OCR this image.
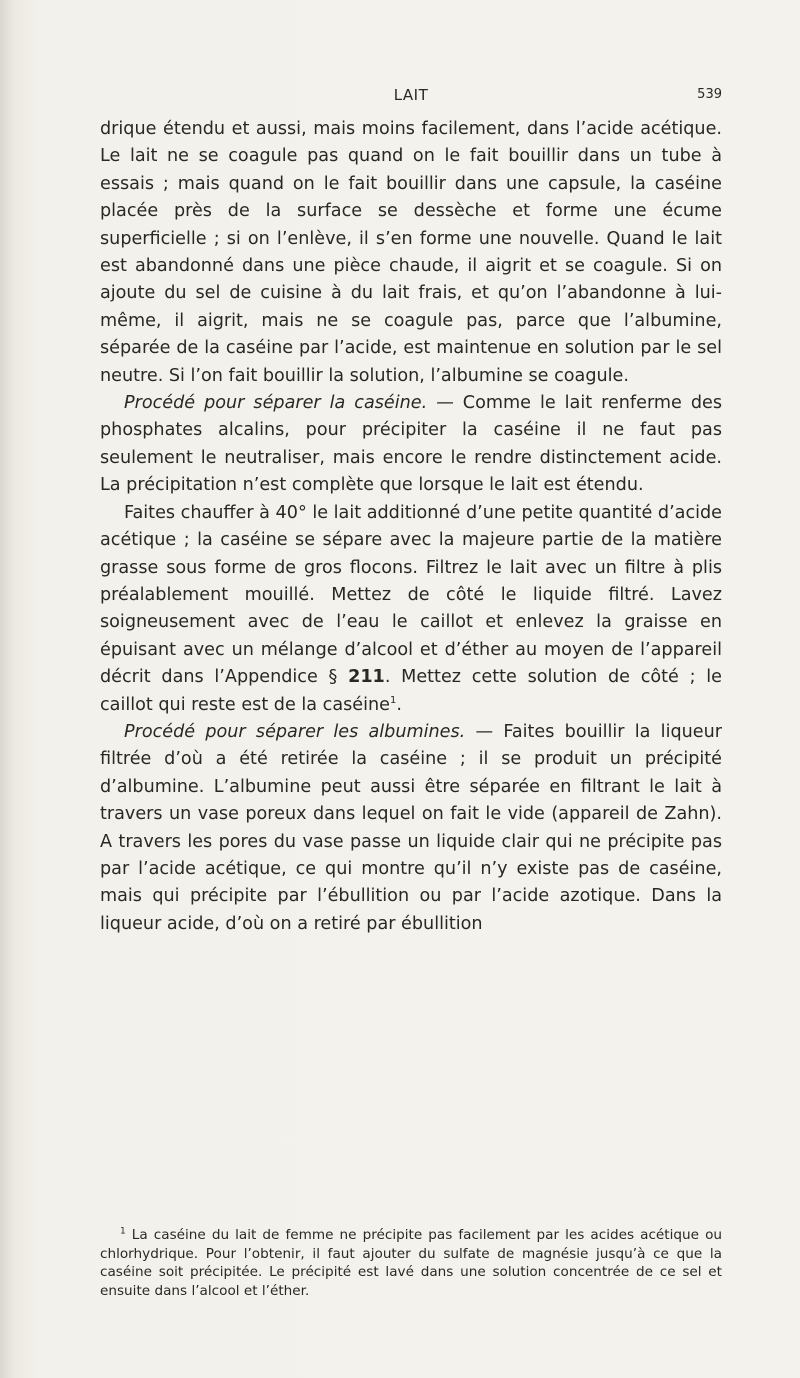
LAIT	539

drique étendu et aussi, mais moins facilement, dans l’acide acétique. Le lait ne se coagule pas quand on le fait bouillir dans un tube à essais ; mais quand on le fait bouillir dans une capsule, la caséine placée près de la surface se dessèche et forme une écume superficielle ; si on l’enlève, il s’en forme une nouvelle. Quand le lait est abandonné dans une pièce chaude, il aigrit et se coagule. Si on ajoute du sel de cuisine à du lait frais, et qu’on l’abandonne à lui-même, il aigrit, mais ne se coagule pas, parce que l’albumine, séparée de la caséine par l’acide, est maintenue en solution par le sel neutre. Si l’on fait bouillir la solution, l’albumine se coagule.

Procédé pour séparer la caséine. — Comme le lait renferme des phosphates alcalins, pour précipiter la caséine il ne faut pas seulement le neutraliser, mais encore le rendre distinctement acide. La précipitation n’est complète que lorsque le lait est étendu.

Faites chauffer à 40° le lait additionné d’une petite quantité d’acide acétique ; la caséine se sépare avec la majeure partie de la matière grasse sous forme de gros flocons. Filtrez le lait avec un filtre à plis préalablement mouillé. Mettez de côté le liquide filtré. Lavez soigneusement avec de l’eau le caillot et enlevez la graisse en épuisant avec un mélange d’alcool et d’éther au moyen de l’appareil décrit dans l’Appendice § 211. Mettez cette solution de côté ; le caillot qui reste est de la caséine$^1$.

Procédé pour séparer les albumines. — Faites bouillir la liqueur filtrée d’où a été retirée la caséine ; il se produit un précipité d’albumine. L’albumine peut aussi être séparée en filtrant le lait à travers un vase poreux dans lequel on fait le vide (appareil de Zahn). A travers les pores du vase passe un liquide clair qui ne précipite pas par l’acide acétique, ce qui montre qu’il n’y existe pas de caséine, mais qui précipite par l’ébullition ou par l’acide azotique. Dans la liqueur acide, d’où on a retiré par ébullition

$^1$ La caséine du lait de femme ne précipite pas facilement par les acides acétique ou chlorhydrique. Pour l’obtenir, il faut ajouter du sulfate de magnésie jusqu’à ce que la caséine soit précipitée. Le précipité est lavé dans une solution concentrée de ce sel et ensuite dans l’alcool et l’éther.
